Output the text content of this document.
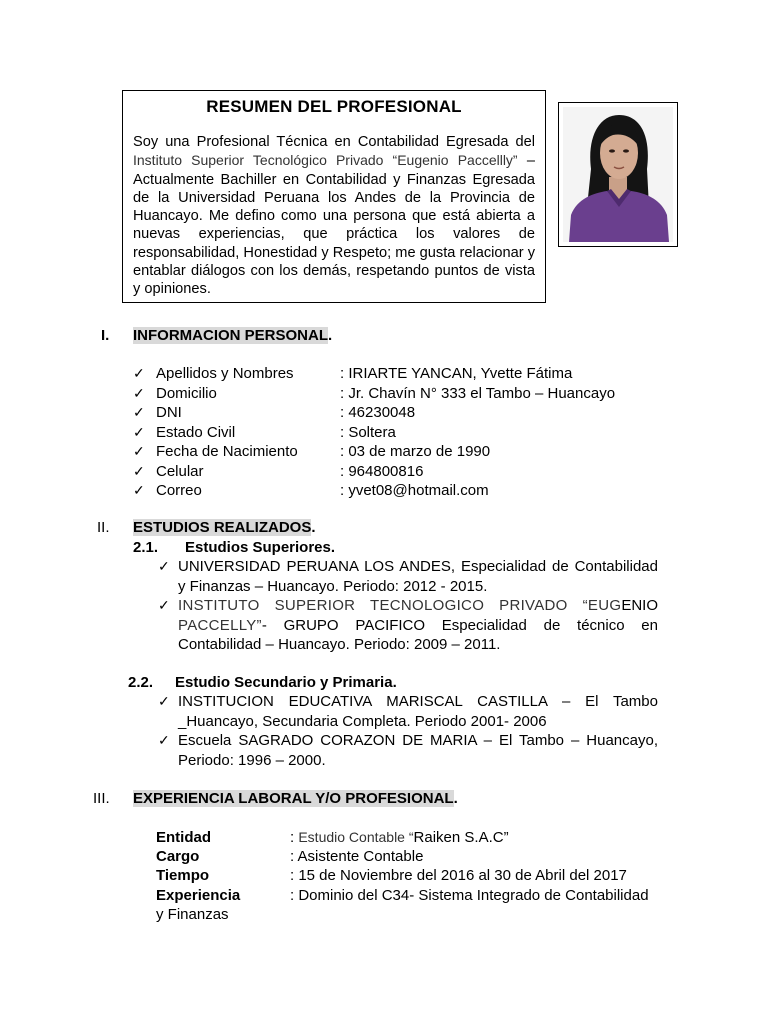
RESUMEN DEL PROFESIONAL

Soy una Profesional Técnica en Contabilidad Egresada del Instituto Superior Tecnológico Privado “Eugenio Paccellly” – Actualmente Bachiller en Contabilidad y Finanzas Egresada de la Universidad Peruana los Andes de la Provincia de Huancayo. Me defino como una persona que está abierta a nuevas experiencias, que práctica los valores de responsabilidad, Honestidad y Respeto; me gusta relacionar y entablar diálogos con los demás, respetando puntos de vista y opiniones.

I. INFORMACION PERSONAL.
✓ Apellidos y Nombres	: IRIARTE YANCAN, Yvette Fátima
✓ Domicilio	: Jr. Chavín N° 333 el Tambo – Huancayo
✓ DNI	: 46230048
✓ Estado Civil	: Soltera
✓ Fecha de Nacimiento	: 03 de marzo de 1990
✓ Celular	: 964800816
✓ Correo	: yvet08@hotmail.com
II. ESTUDIOS REALIZADOS.
2.1. Estudios Superiores.
✓ UNIVERSIDAD PERUANA LOS ANDES, Especialidad de Contabilidad y Finanzas – Huancayo. Periodo: 2012 - 2015.
✓ INSTITUTO SUPERIOR TECNOLOGICO PRIVADO “EUGENIO PACCELLY”- GRUPO PACIFICO Especialidad de técnico en Contabilidad – Huancayo. Periodo: 2009 – 2011.
2.2. Estudio Secundario y Primaria.
✓ INSTITUCION EDUCATIVA MARISCAL CASTILLA – El Tambo _Huancayo, Secundaria Completa. Periodo 2001- 2006
✓ Escuela SAGRADO CORAZON DE MARIA – El Tambo – Huancayo, Periodo: 1996 – 2000.
III. EXPERIENCIA LABORAL Y/O PROFESIONAL.
Entidad	: Estudio Contable “Raiken S.A.C”
Cargo	: Asistente Contable
Tiempo	: 15 de Noviembre del 2016 al 30 de Abril del 2017
Experiencia	: Dominio del C34- Sistema Integrado de Contabilidad
y Finanzas
